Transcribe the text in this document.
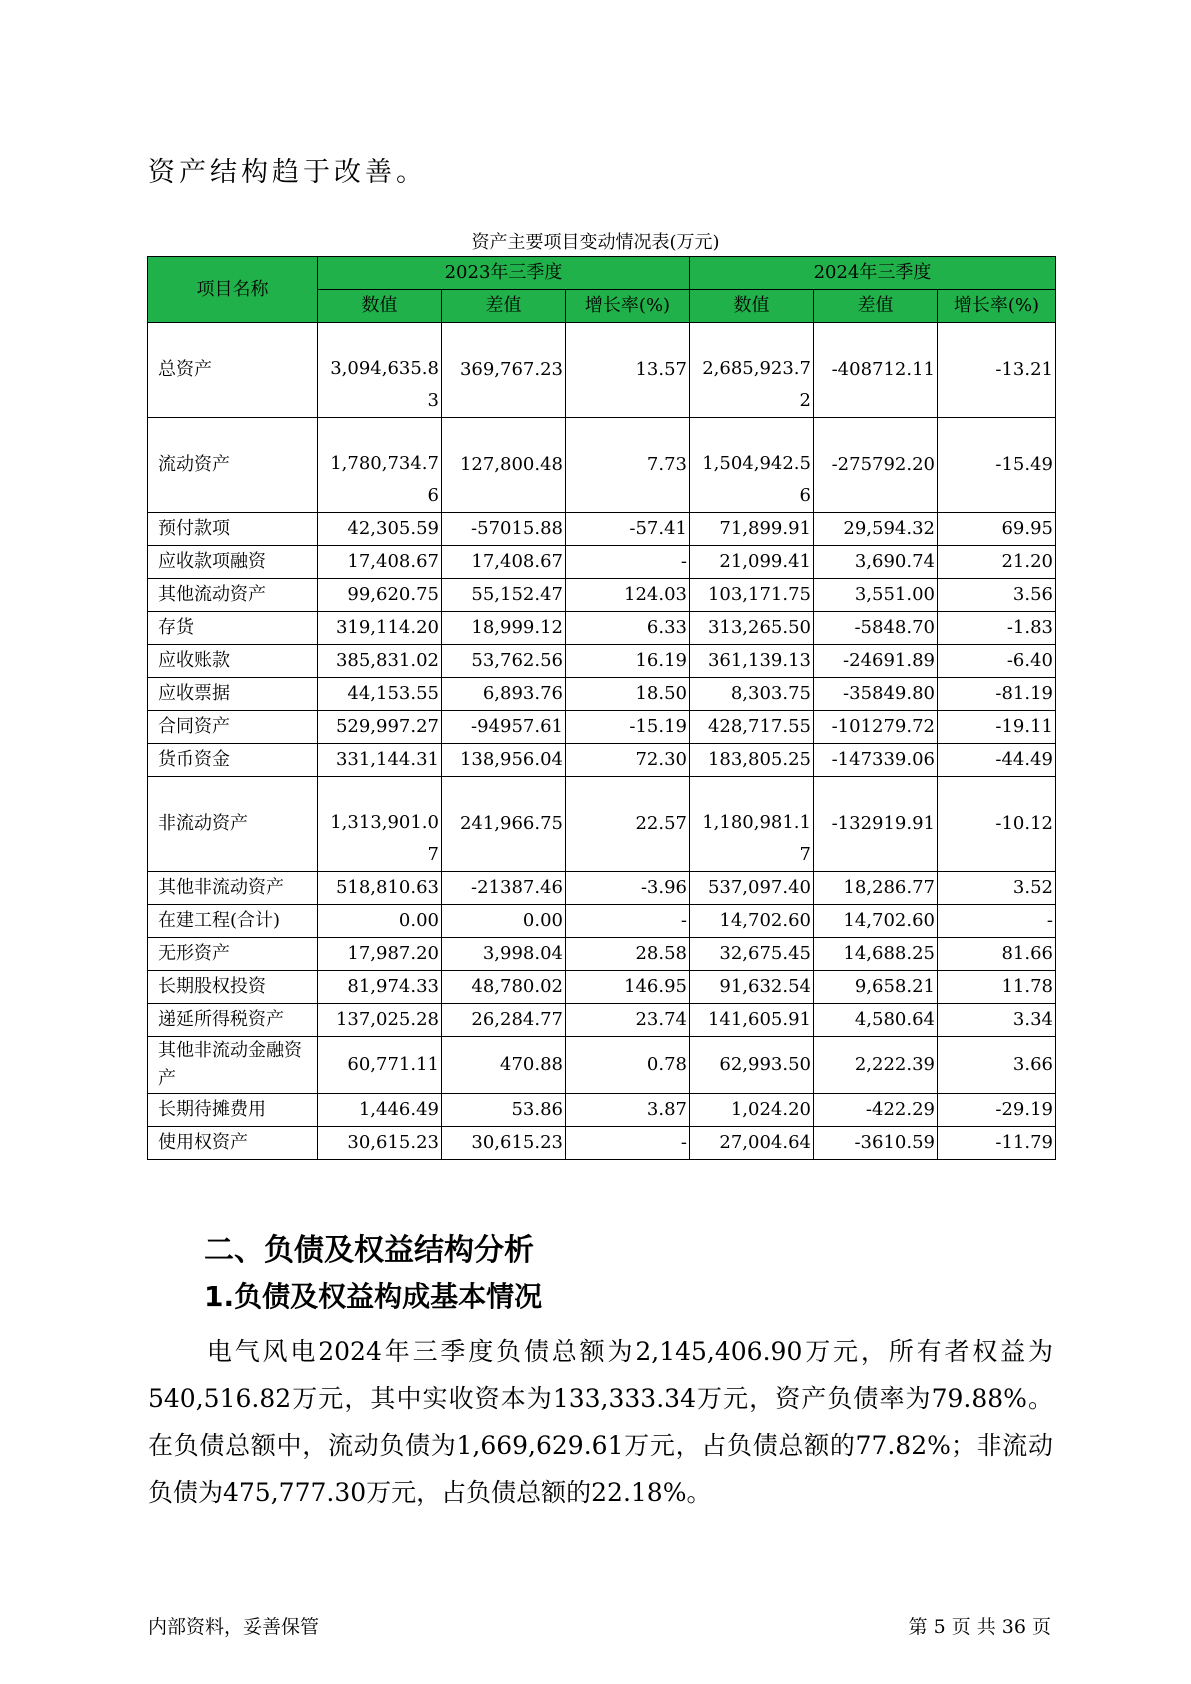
资产结构趋于改善。
资产主要项目变动情况表(万元)
项目名称	2023年三季度			2024年三季度		
	数值	差值	增长率(%)	数值	差值	增长率(%)
总资产	3,094,635.83	369,767.23	13.57	2,685,923.72	-408712.11	-13.21
流动资产	1,780,734.76	127,800.48	7.73	1,504,942.56	-275792.20	-15.49
预付款项	42,305.59	-57015.88	-57.41	71,899.91	29,594.32	69.95
应收款项融资	17,408.67	17,408.67	-	21,099.41	3,690.74	21.20
其他流动资产	99,620.75	55,152.47	124.03	103,171.75	3,551.00	3.56
存货	319,114.20	18,999.12	6.33	313,265.50	-5848.70	-1.83
应收账款	385,831.02	53,762.56	16.19	361,139.13	-24691.89	-6.40
应收票据	44,153.55	6,893.76	18.50	8,303.75	-35849.80	-81.19
合同资产	529,997.27	-94957.61	-15.19	428,717.55	-101279.72	-19.11
货币资金	331,144.31	138,956.04	72.30	183,805.25	-147339.06	-44.49
非流动资产	1,313,901.07	241,966.75	22.57	1,180,981.17	-132919.91	-10.12
其他非流动资产	518,810.63	-21387.46	-3.96	537,097.40	18,286.77	3.52
在建工程(合计)	0.00	0.00	-	14,702.60	14,702.60	-
无形资产	17,987.20	3,998.04	28.58	32,675.45	14,688.25	81.66
长期股权投资	81,974.33	48,780.02	146.95	91,632.54	9,658.21	11.78
递延所得税资产	137,025.28	26,284.77	23.74	141,605.91	4,580.64	3.34
其他非流动金融资产	60,771.11	470.88	0.78	62,993.50	2,222.39	3.66
长期待摊费用	1,446.49	53.86	3.87	1,024.20	-422.29	-29.19
使用权资产	30,615.23	30,615.23	-	27,004.64	-3610.59	-11.79
二、负债及权益结构分析
1.负债及权益构成基本情况
电气风电2024年三季度负债总额为2,145,406.90万元，所有者权益为540,516.82万元，其中实收资本为133,333.34万元，资产负债率为79.88%。在负债总额中，流动负债为1,669,629.61万元，占负债总额的77.82%；非流动负债为475,777.30万元，占负债总额的22.18%。
内部资料，妥善保管	第 5 页 共 36 页
